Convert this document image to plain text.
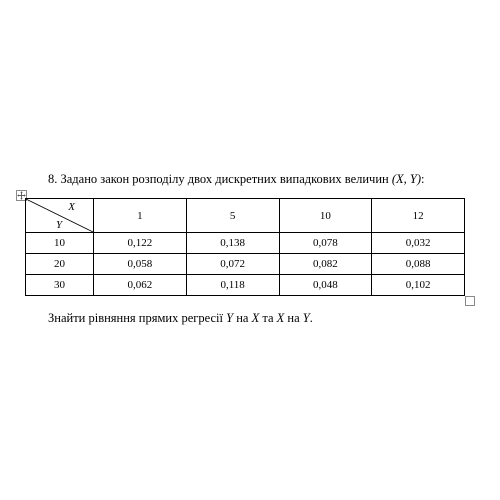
8. Задано закон розподілу двох дискретних випадкових величин (X, Y):
X
Y	1	5	10	12
10	0,122	0,138	0,078	0,032
20	0,058	0,072	0,082	0,088
30	0,062	0,118	0,048	0,102
Знайти рівняння прямих регресії Y на X та X на Y.
